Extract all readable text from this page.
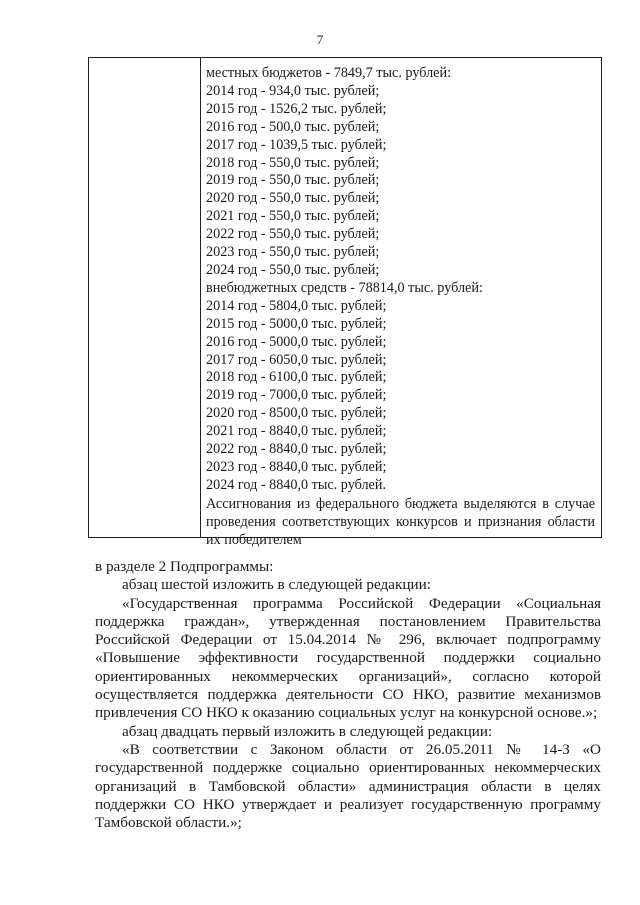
7
местных бюджетов - 7849,7 тыс. рублей:
2014 год - 934,0 тыс. рублей;
2015 год - 1526,2 тыс. рублей;
2016 год - 500,0 тыс. рублей;
2017 год - 1039,5 тыс. рублей;
2018 год - 550,0 тыс. рублей;
2019 год - 550,0 тыс. рублей;
2020 год - 550,0 тыс. рублей;
2021 год - 550,0 тыс. рублей;
2022 год - 550,0 тыс. рублей;
2023 год - 550,0 тыс. рублей;
2024 год - 550,0 тыс. рублей;
внебюджетных средств - 78814,0 тыс. рублей:
2014 год - 5804,0 тыс. рублей;
2015 год - 5000,0 тыс. рублей;
2016 год - 5000,0 тыс. рублей;
2017 год - 6050,0 тыс. рублей;
2018 год - 6100,0 тыс. рублей;
2019 год - 7000,0 тыс. рублей;
2020 год - 8500,0 тыс. рублей;
2021 год - 8840,0 тыс. рублей;
2022 год - 8840,0 тыс. рублей;
2023 год - 8840,0 тыс. рублей;
2024 год - 8840,0 тыс. рублей.
Ассигнования из федерального бюджета выделяются в случае проведения соответствующих конкурсов и признания области их победителем

в разделе 2 Подпрограммы:

абзац шестой изложить в следующей редакции:

«Государственная программа Российской Федерации «Социальная поддержка граждан», утвержденная постановлением Правительства Российской Федерации от 15.04.2014 № 296, включает подпрограмму «Повышение эффективности государственной поддержки социально ориентированных некоммерческих организаций», согласно которой осуществляется поддержка деятельности СО НКО, развитие механизмов привлечения СО НКО к оказанию социальных услуг на конкурсной основе.»;

абзац двадцать первый изложить в следующей редакции:

«В соответствии с Законом области от 26.05.2011 № 14-З «О государственной поддержке социально ориентированных некоммерческих организаций в Тамбовской области» администрация области в целях поддержки СО НКО утверждает и реализует государственную программу Тамбовской области.»;
